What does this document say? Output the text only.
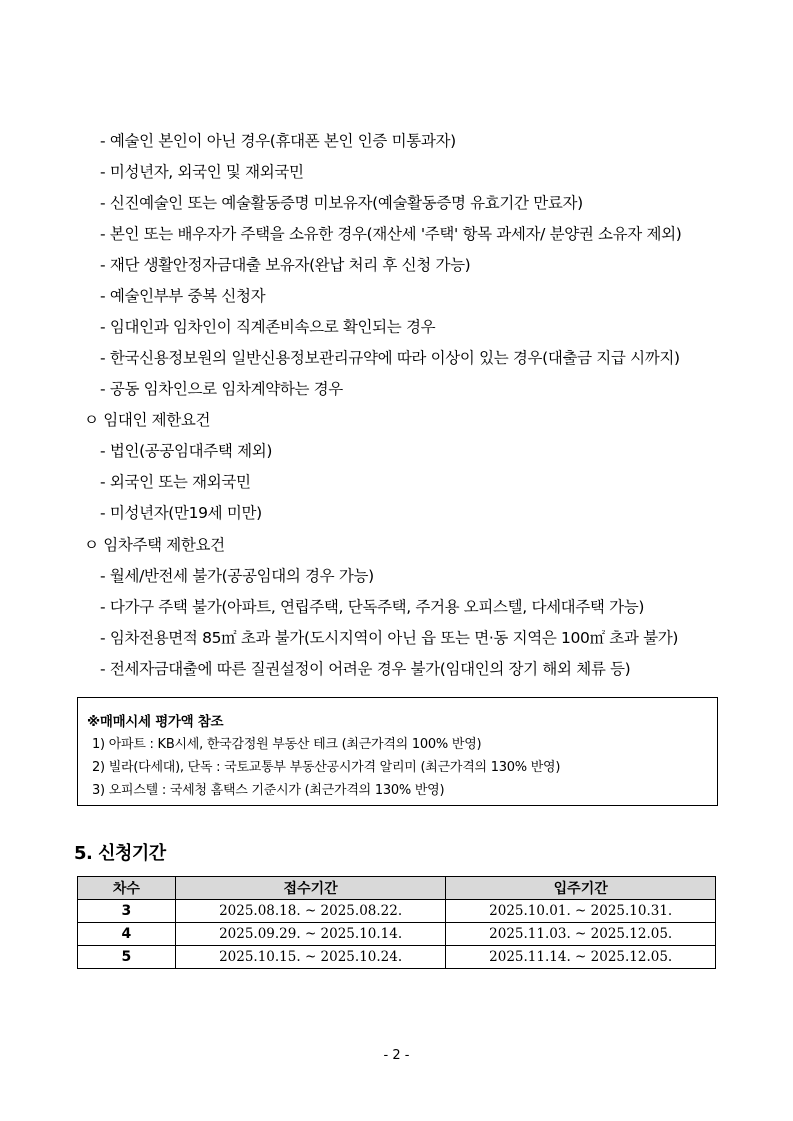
- 예술인 본인이 아닌 경우(휴대폰 본인 인증 미통과자)
- 미성년자, 외국인 및 재외국민
- 신진예술인 또는 예술활동증명 미보유자(예술활동증명 유효기간 만료자)
- 본인 또는 배우자가 주택을 소유한 경우(재산세 '주택' 항목 과세자/ 분양권 소유자 제외)
- 재단 생활안정자금대출 보유자(완납 처리 후 신청 가능)
- 예술인부부 중복 신청자
- 임대인과 임차인이 직계존비속으로 확인되는 경우
- 한국신용정보원의 일반신용정보관리규약에 따라 이상이 있는 경우(대출금 지급 시까지)
- 공동 임차인으로 임차계약하는 경우
ㅇ 임대인 제한요건
- 법인(공공임대주택 제외)
- 외국인 또는 재외국민
- 미성년자(만19세 미만)
ㅇ 임차주택 제한요건
- 월세/반전세 불가(공공임대의 경우 가능)
- 다가구 주택 불가(아파트, 연립주택, 단독주택, 주거용 오피스텔, 다세대주택 가능)
- 임차전용면적 85㎡ 초과 불가(도시지역이 아닌 읍 또는 면·동 지역은 100㎡ 초과 불가)
- 전세자금대출에 따른 질권설정이 어려운 경우 불가(임대인의 장기 해외 체류 등)
※매매시세 평가액 참조
1) 아파트 : KB시세, 한국감정원 부동산 테크 (최근가격의 100% 반영)
2) 빌라(다세대), 단독 : 국토교통부 부동산공시가격 알리미 (최근가격의 130% 반영)
3) 오피스텔 : 국세청 홈택스 기준시가 (최근가격의 130% 반영)
5. 신청기간
차수	접수기간	입주기간
3	2025.08.18. ~ 2025.08.22.	2025.10.01. ~ 2025.10.31.
4	2025.09.29. ~ 2025.10.14.	2025.11.03. ~ 2025.12.05.
5	2025.10.15. ~ 2025.10.24.	2025.11.14. ~ 2025.12.05.
- 2 -
